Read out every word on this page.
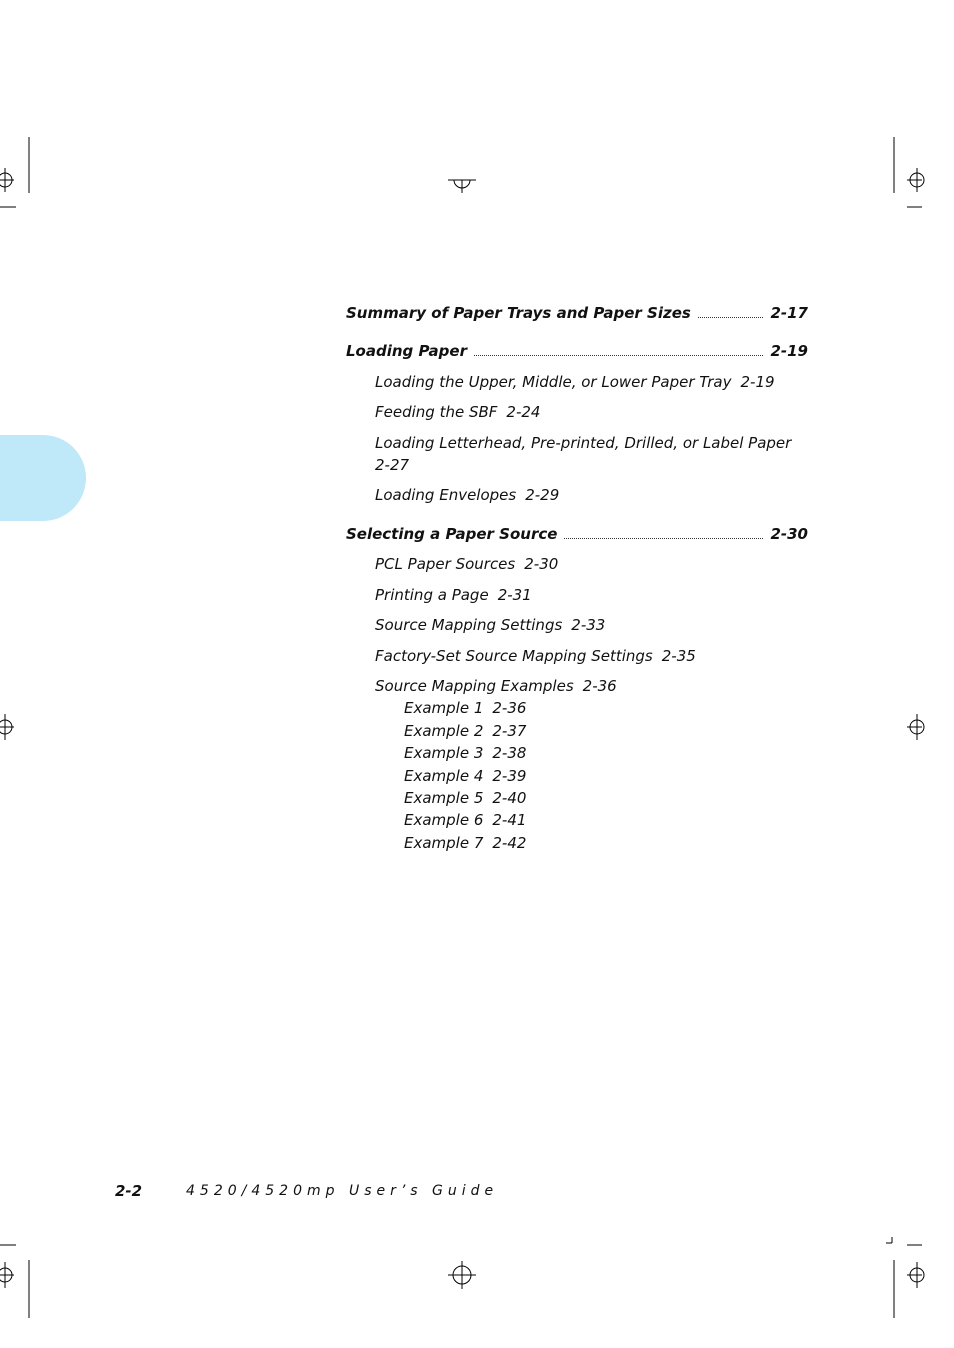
Summary of Paper Trays and Paper Sizes	2-17
Loading Paper	2-19
Loading the Upper, Middle, or Lower Paper Tray 2-19
Feeding the SBF 2-24
Loading Letterhead, Pre-printed, Drilled, or Label Paper
2-27
Loading Envelopes 2-29
Selecting a Paper Source	2-30
PCL Paper Sources 2-30
Printing a Page 2-31
Source Mapping Settings 2-33
Factory-Set Source Mapping Settings 2-35
Source Mapping Examples 2-36
Example 1 2-36
Example 2 2-37
Example 3 2-38
Example 4 2-39
Example 5 2-40
Example 6 2-41
Example 7 2-42
2-2	4520/4520mp User’s Guide
